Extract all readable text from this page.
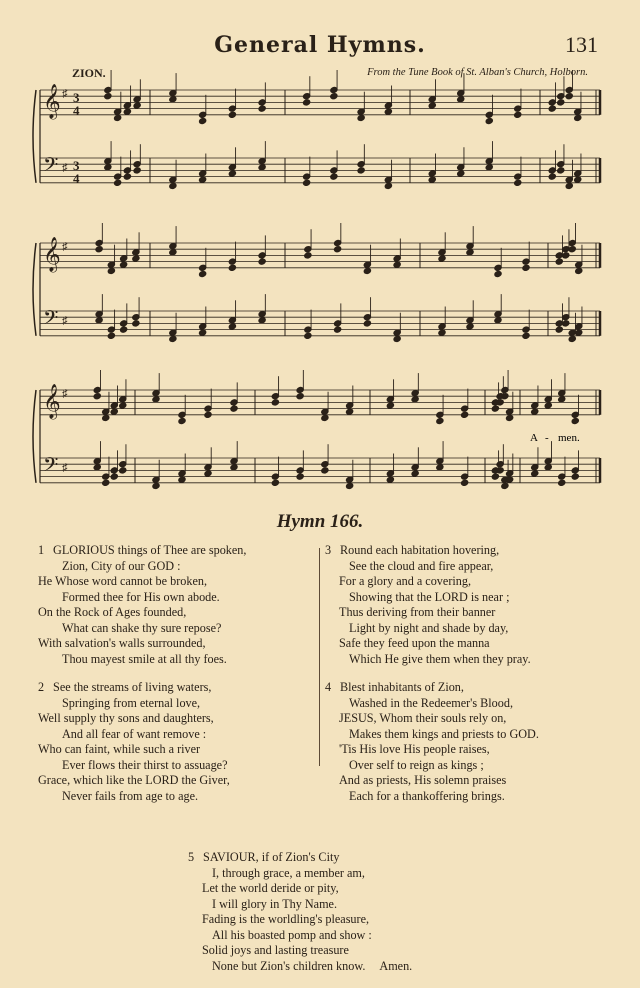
General Hymns.	131
ZION.	From the Tune Book of St. Alban's Church, Holborn.
𝄞 ♯ 3
4
𝄢 ♯ 3
4
𝄞 ♯
𝄢 ♯
𝄞 ♯
𝄢 ♯
A - men.
Hymn 166.
1 GLORIOUS things of Thee are spoken,
Zion, City of our GOD :
He Whose word cannot be broken,
Formed thee for His own abode.
On the Rock of Ages founded,
What can shake thy sure repose?
With salvation's walls surrounded,
Thou mayest smile at all thy foes.
2 See the streams of living waters,
Springing from eternal love,
Well supply thy sons and daughters,
And all fear of want remove :
Who can faint, while such a river
Ever flows their thirst to assuage?
Grace, which like the LORD the Giver,
Never fails from age to age.
3 Round each habitation hovering,
See the cloud and fire appear,
For a glory and a covering,
Showing that the LORD is near ;
Thus deriving from their banner
Light by night and shade by day,
Safe they feed upon the manna
Which He give them when they pray.
4 Blest inhabitants of Zion,
Washed in the Redeemer's Blood,
JESUS, Whom their souls rely on,
Makes them kings and priests to GOD.
'Tis His love His people raises,
Over self to reign as kings ;
And as priests, His solemn praises
Each for a thankoffering brings.
5 SAVIOUR, if of Zion's City
I, through grace, a member am,
Let the world deride or pity,
I will glory in Thy Name.
Fading is the worldling's pleasure,
All his boasted pomp and show :
Solid joys and lasting treasure
None but Zion's children know. Amen.
